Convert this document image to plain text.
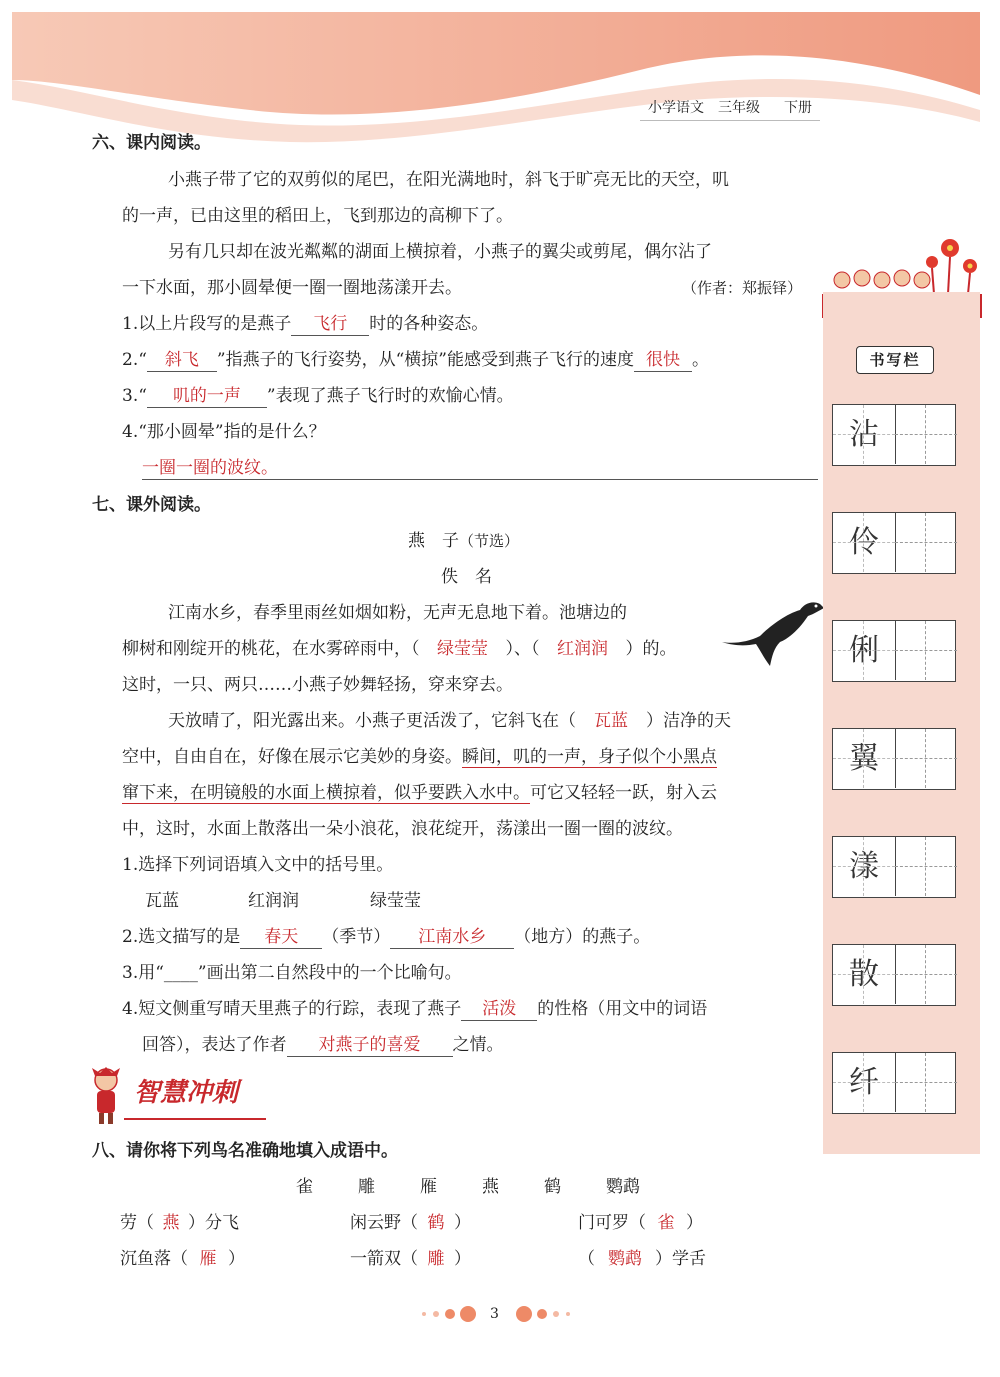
小学语文 三年级 下册
六、课内阅读。
小燕子带了它的双剪似的尾巴，在阳光满地时，斜飞于旷亮无比的天空，叽
的一声，已由这里的稻田上，飞到那边的高柳下了。
另有几只却在波光粼粼的湖面上横掠着，小燕子的翼尖或剪尾，偶尔沾了
一下水面，那小圆晕便一圈一圈地荡漾开去。	（作者：郑振铎）
1.以上片段写的是燕子 飞行 时的各种姿态。
2.“ 斜飞 ”指燕子的飞行姿势，从“横掠”能感受到燕子飞行的速度 很快 。
3.“ 叽的一声 ”表现了燕子飞行时的欢愉心情。
4.“那小圆晕”指的是什么？
一圈一圈的波纹。
七、课外阅读。
燕　子（节选）
佚　名
江南水乡，春季里雨丝如烟如粉，无声无息地下着。池塘边的
柳树和刚绽开的桃花，在水雾碎雨中，（ 绿莹莹 ）、（ 红润润 ）的。
这时，一只、两只……小燕子妙舞轻扬，穿来穿去。
天放晴了，阳光露出来。小燕子更活泼了，它斜飞在（ 瓦蓝 ）洁净的天
空中，自由自在，好像在展示它美妙的身姿。瞬间，叽的一声，身子似个小黑点
窜下来，在明镜般的水面上横掠着，似乎要跌入水中。可它又轻轻一跃，射入云
中，这时，水面上散落出一朵小浪花，浪花绽开，荡漾出一圈一圈的波纹。
1.选择下列词语填入文中的括号里。
瓦蓝	红润润	绿莹莹
2.选文描写的是 春天 （季节） 江南水乡 （地方）的燕子。
3.用“____”画出第二自然段中的一个比喻句。
4.短文侧重写晴天里燕子的行踪，表现了燕子 活泼 的性格（用文中的词语
回答），表达了作者 对燕子的喜爱 之情。
智慧冲刺
八、请你将下列鸟名准确地填入成语中。
雀	雕	雁	燕	鹤	鹦鹉
劳（ 燕 ）分飞	闲云野（ 鹤 ）	门可罗（ 雀 ）
沉鱼落（ 雁 ）	一箭双（ 雕 ）	（ 鹦鹉 ）学舌
书写栏
沾
伶
俐
翼
漾
散
纤
3
